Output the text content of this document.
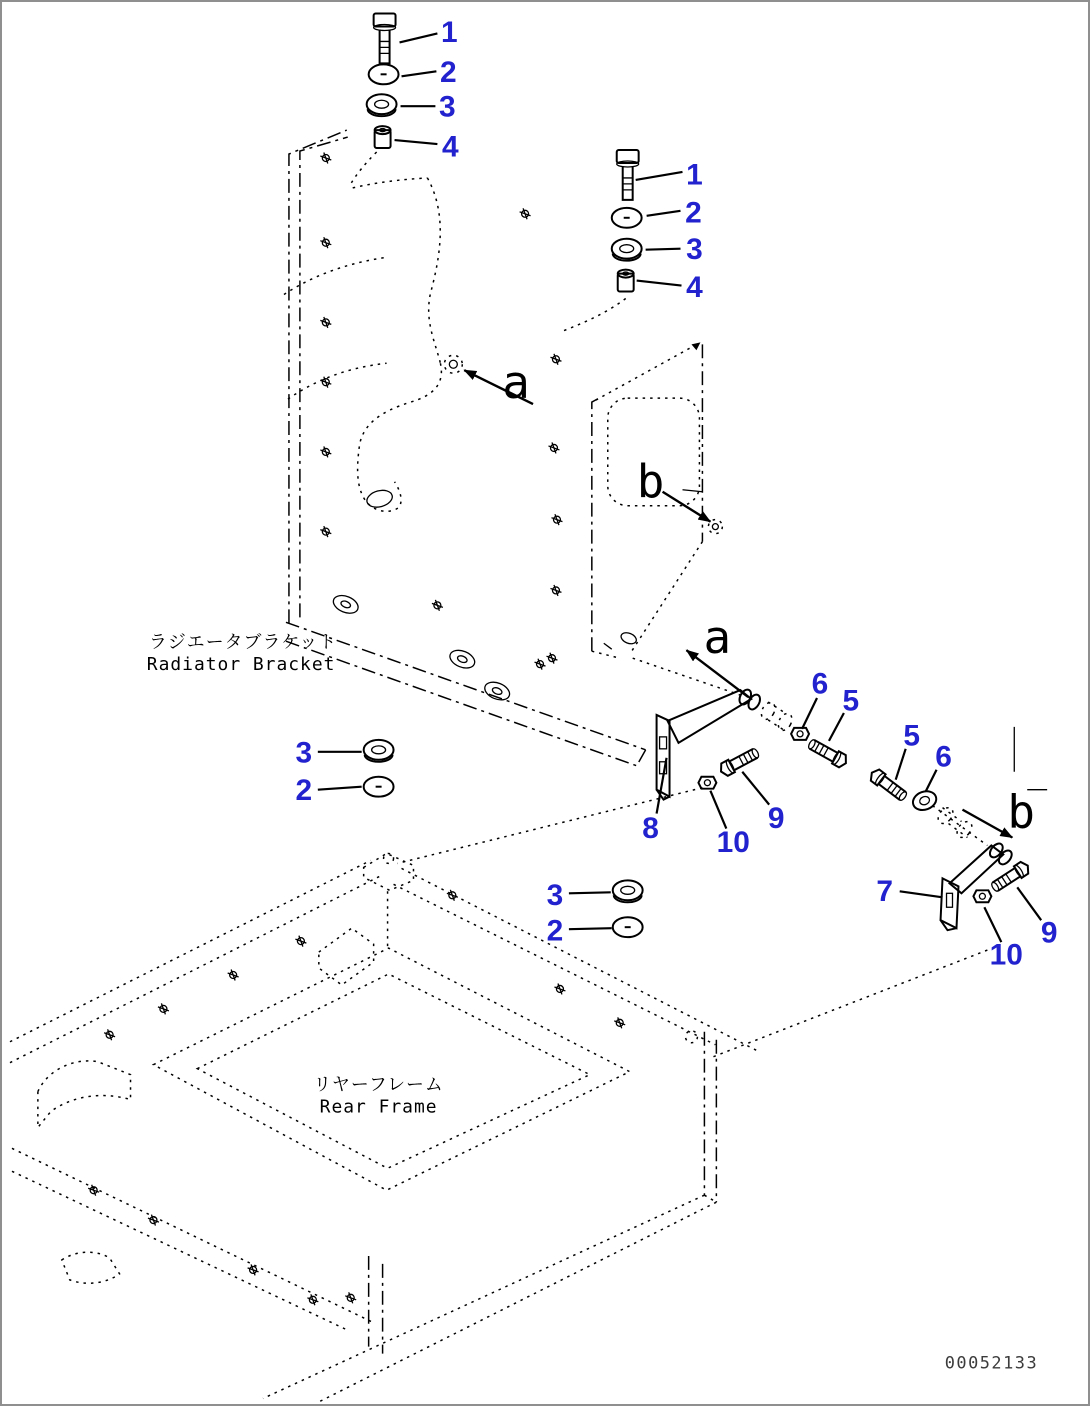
ラジエータブラケット
Radiator Bracket
リヤーフレーム
Rear Frame
00052133
a
b
a
b
1
2
3
4
1
2
3
4
3
2
3
2
8 10
9
6
5
5
6
7
10
9
